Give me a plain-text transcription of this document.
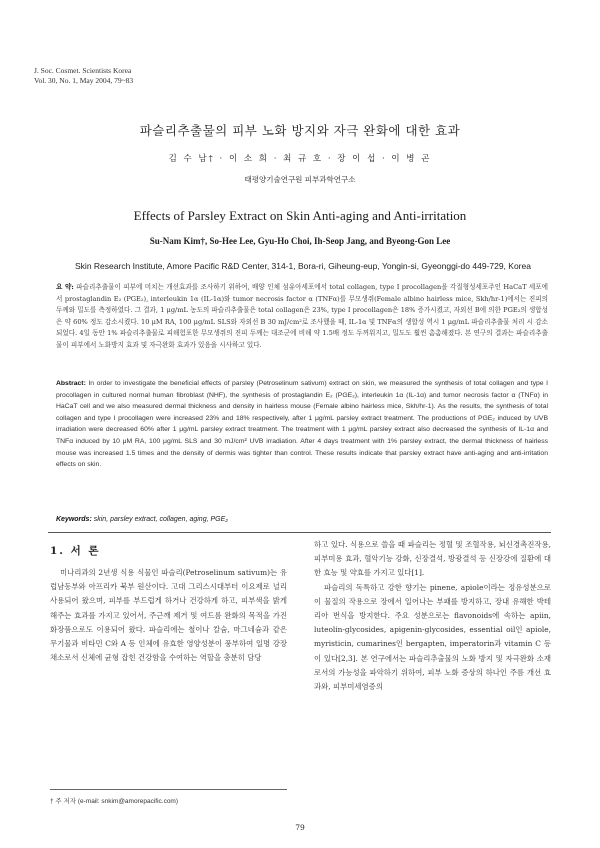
J. Soc. Cosmet. Scientists Korea
Vol. 30, No. 1, May 2004, 79~83
파슬리추출물의 피부 노화 방지와 자극 완화에 대한 효과
김 수 남† · 이 소 희 · 최 규 호 · 장 이 섭 · 이 병 곤
태평양기술연구원 피부과학연구소
Effects of Parsley Extract on Skin Anti-aging and Anti-irritation
Su-Nam Kim†, So-Hee Lee, Gyu-Ho Choi, Ih-Seop Jang, and Byeong-Gon Lee
Skin Research Institute, Amore Pacific R&D Center, 314-1, Bora-ri, Giheung-eup, Yongin-si, Gyeonggi-do 449-729, Korea
요 약: 파슬리추출물이 피부에 미치는 개선효과를 조사하기 위하여, 배양 인체 섬유아세포에서 total collagen, type I procollagen을 각질형성세포주인 HaCaT 세포에서 prostaglandin E₂ (PGE₂), interleukin 1α (IL-1α)와 tumor necrosis factor α (TNFα)를 무모생쥐(Female albino hairless mice, Skh/hr-1)에서는 진피의 두께와 밀도를 측정하였다. 그 결과, 1 μg/mL 농도의 파슬리추출물은 total collagen은 23%, type I procollagen은 18% 증가시켰고, 자외선 B에 의한 PGE₂의 생합성은 약 60% 정도 감소시켰다. 10 μM RA, 100 μg/mL SLS와 자외선 B 30 mJ/cm²로 조사했을 때, IL-1α 및 TNFα의 생합성 역시 1 μg/mL 파슬리추출물 처리 시 감소되었다. 4일 동안 1% 파슬리추출물로 피해험포한 무모생쥐의 진피 두께는 대조군에 비해 약 1.5배 정도 두꺼워지고, 밀도도 훨씬 촘촘해졌다. 본 연구의 결과는 파슬리추출물이 피부에서 노화방지 효과 및 자극완화 효과가 있음을 시사하고 있다.
Abstract: In order to investigate the beneficial effects of parsley (Petroselinum sativum) extract on skin, we measured the synthesis of total collagen and type I procollagen in cultured normal human fibroblast (NHF), the synthesis of prostaglandin E₂ (PGE₂), interleukin 1α (IL-1α) and tumor necrosis factor α (TNFα) in HaCaT cell and we also measured dermal thickness and density in hairless mouse (Female albino hairless mice, Skh/hr-1). As the results, the synthesis of total collagen and type I procollagen were increased 23% and 18% respectively, after 1 μg/mL parsley extract treatment. The productions of PGE₂ induced by UVB irradiation were decreased 60% after 1 μg/mL parsley extract treatment. The treatment with 1 μg/mL parsley extract also decreased the synthesis of IL-1α and TNFα induced by 10 μM RA, 100 μg/mL SLS and 30 mJ/cm² UVB irradiation. After 4 days treatment with 1% parsley extract, the dermal thickness of hairless mouse was increased 1.5 times and the density of dermis was tighter than control. These results indicate that parsley extract have anti-aging and anti-irritation effects on skin.
Keywords: skin, parsley extract, collagen, aging, PGE₂
1. 서 론

미나리과의 2년생 식용 식물인 파슬리(Petroselinum sativum)는 유럽남동부와 아프리카 북부 원산이다. 고대 그리스시대부터 이요제로 널리 사용되어 왔으며, 피부를 부드럽게 하거나 건강하게 하고, 피부색을 밝게 해주는 효과를 가지고 있어서, 주근깨 제거 및 여드름 완화의 목적을 가진 화장품으로도 이용되어 왔다. 파슬리에는 철이나 칼슘, 마그네슘과 같은 무기물과 비타민 C와 A 등 인체에 유효한 영양성분이 풍부하여 일명 강장채소로서 신체에 균형 잡힌 건강함을 수여하는 역할을 충분히 담당

하고 있다. 식용으로 쓸을 때 파슬리는 정혈 및 조혈작용, 뇌신경촉진작용, 피부미용 효과, 혈악기능 강화, 신장결석, 방광결석 등 신장강에 질환에 대한 효능 및 약효를 가지고 있다[1].

파슬리의 독특하고 강한 향기는 pinene, apiole이라는 정유성분으로 이 물질의 작용으로 장에서 일어나는 부패를 방지하고, 장내 유해한 박테리아 번식을 방지한다. 주요 성분으로는 flavonoids에 속하는 apiin, luteolin-glycosides, apigenin-glycosides, essential oil인 apiole, myristicin, cumarines인 bergapten, imperatorin과 vitamin C 등이 있다[2,3]. 본 연구에서는 파슬리추출물의 노화 방지 및 자극완화 소재로서의 가능성을 파악하기 위하여, 피부 노화 증상의 하나인 주름 개선 효과와, 피부미세염증의

† 주 저자 (e-mail: snkim@amorepacific.com)
79
